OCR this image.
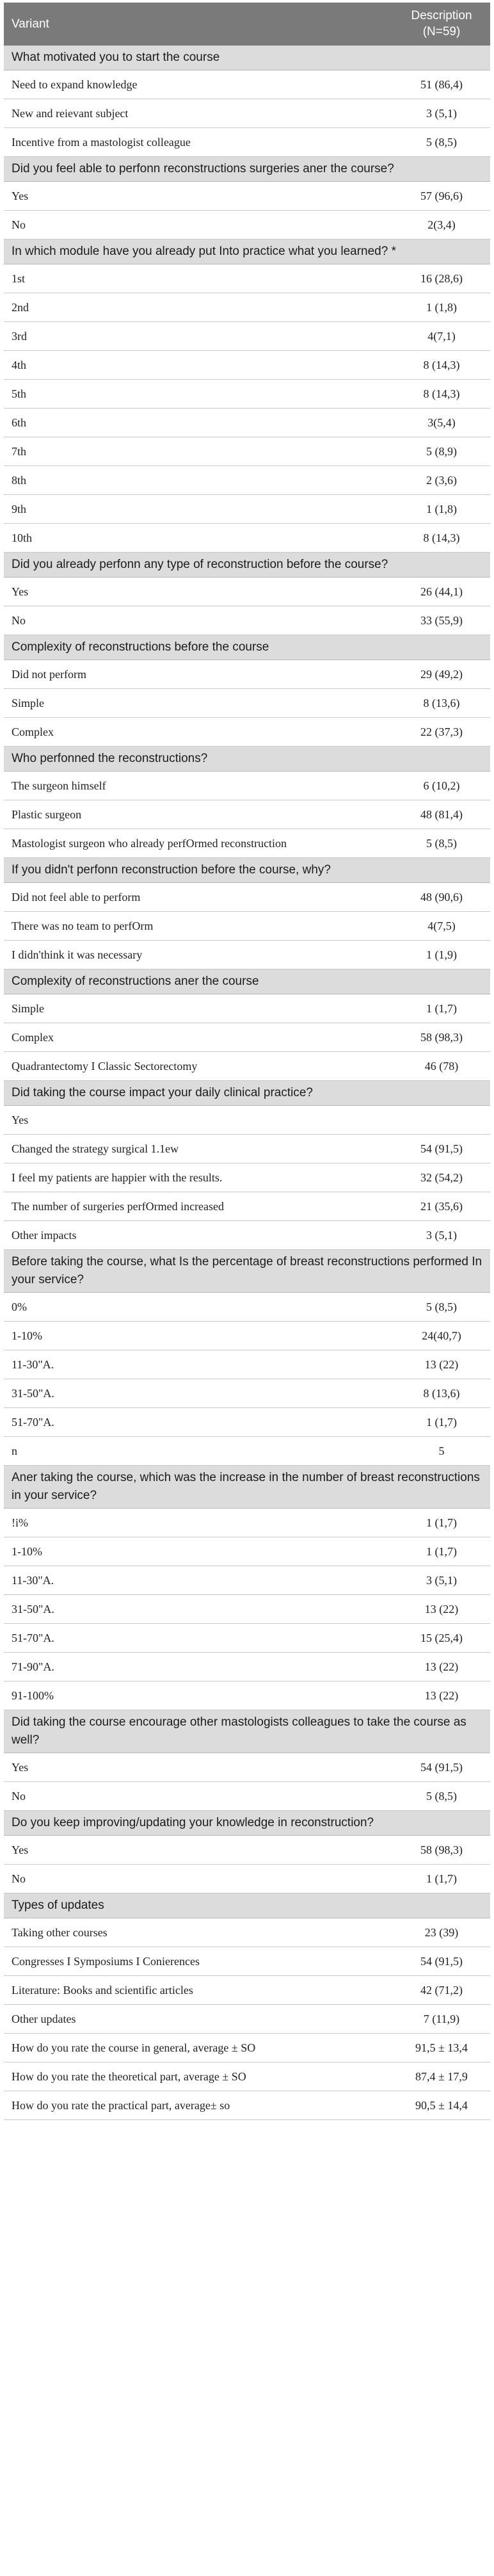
Variant	Description (N=59)
What motivated you to start the course	
Need to expand knowledge	51 (86,4)
New and reievant subject	3 (5,1)
Incentive from a mastologist colleague	5 (8,5)
Did you feel able to perfonn reconstructions surgeries aner the course?	
Yes	57 (96,6)
No	2(3,4)
In which module have you already put Into practice what you learned? *	
1st	16 (28,6)
2nd	1 (1,8)
3rd	4(7,1)
4th	8 (14,3)
5th	8 (14,3)
6th	3(5,4)
7th	5 (8,9)
8th	2 (3,6)
9th	1 (1,8)
10th	8 (14,3)
Did you already perfonn any type of reconstruction before the course?	
Yes	26 (44,1)
No	33 (55,9)
Complexity of reconstructions before the course	
Did not perform	29 (49,2)
Simple	8 (13,6)
Complex	22 (37,3)
Who perfonned the reconstructions?	
The surgeon himself	6 (10,2)
Plastic surgeon	48 (81,4)
Mastologist surgeon who already perfOrmed reconstruction	5 (8,5)
If you didn't perfonn reconstruction before the course, why?	
Did not feel able to perform	48 (90,6)
There was no team to perfOrm	4(7,5)
I didn'think it was necessary	1 (1,9)
Complexity of reconstructions aner the course	
Simple	1 (1,7)
Complex	58 (98,3)
Quadrantectomy I Classic Sectorectomy	46 (78)
Did taking the course impact your daily clinical practice?	
Yes	
Changed the strategy surgical 1.1ew	54 (91,5)
I feel my patients are happier with the results.	32 (54,2)
The number of surgeries perfOrmed increased	21 (35,6)
Other impacts	3 (5,1)
Before taking the course, what Is the percentage of breast reconstructions performed In your service?	
0%	5 (8,5)
1-10%	24(40,7)
11-30"A.	13 (22)
31-50"A.	8 (13,6)
51-70"A.	1 (1,7)
n	5
Aner taking the course, which was the increase in the number of breast reconstructions in your service?	
!i%	1 (1,7)
1-10%	1 (1,7)
11-30"A.	3 (5,1)
31-50"A.	13 (22)
51-70"A.	15 (25,4)
71-90"A.	13 (22)
91-100%	13 (22)
Did taking the course encourage other mastologists colleagues to take the course as well?	
Yes	54 (91,5)
No	5 (8,5)
Do you keep improving/updating your knowledge in reconstruction?	
Yes	58 (98,3)
No	1 (1,7)
Types of updates	
Taking other courses	23 (39)
Congresses I Symposiums I Conierences	54 (91,5)
Literature: Books and scientific articles	42 (71,2)
Other updates	7 (11,9)
How do you rate the course in general, average ± SO	91,5 ± 13,4
How do you rate the theoretical part, average ± SO	87,4 ± 17,9
How do you rate the practical part, average± so	90,5 ± 14,4
